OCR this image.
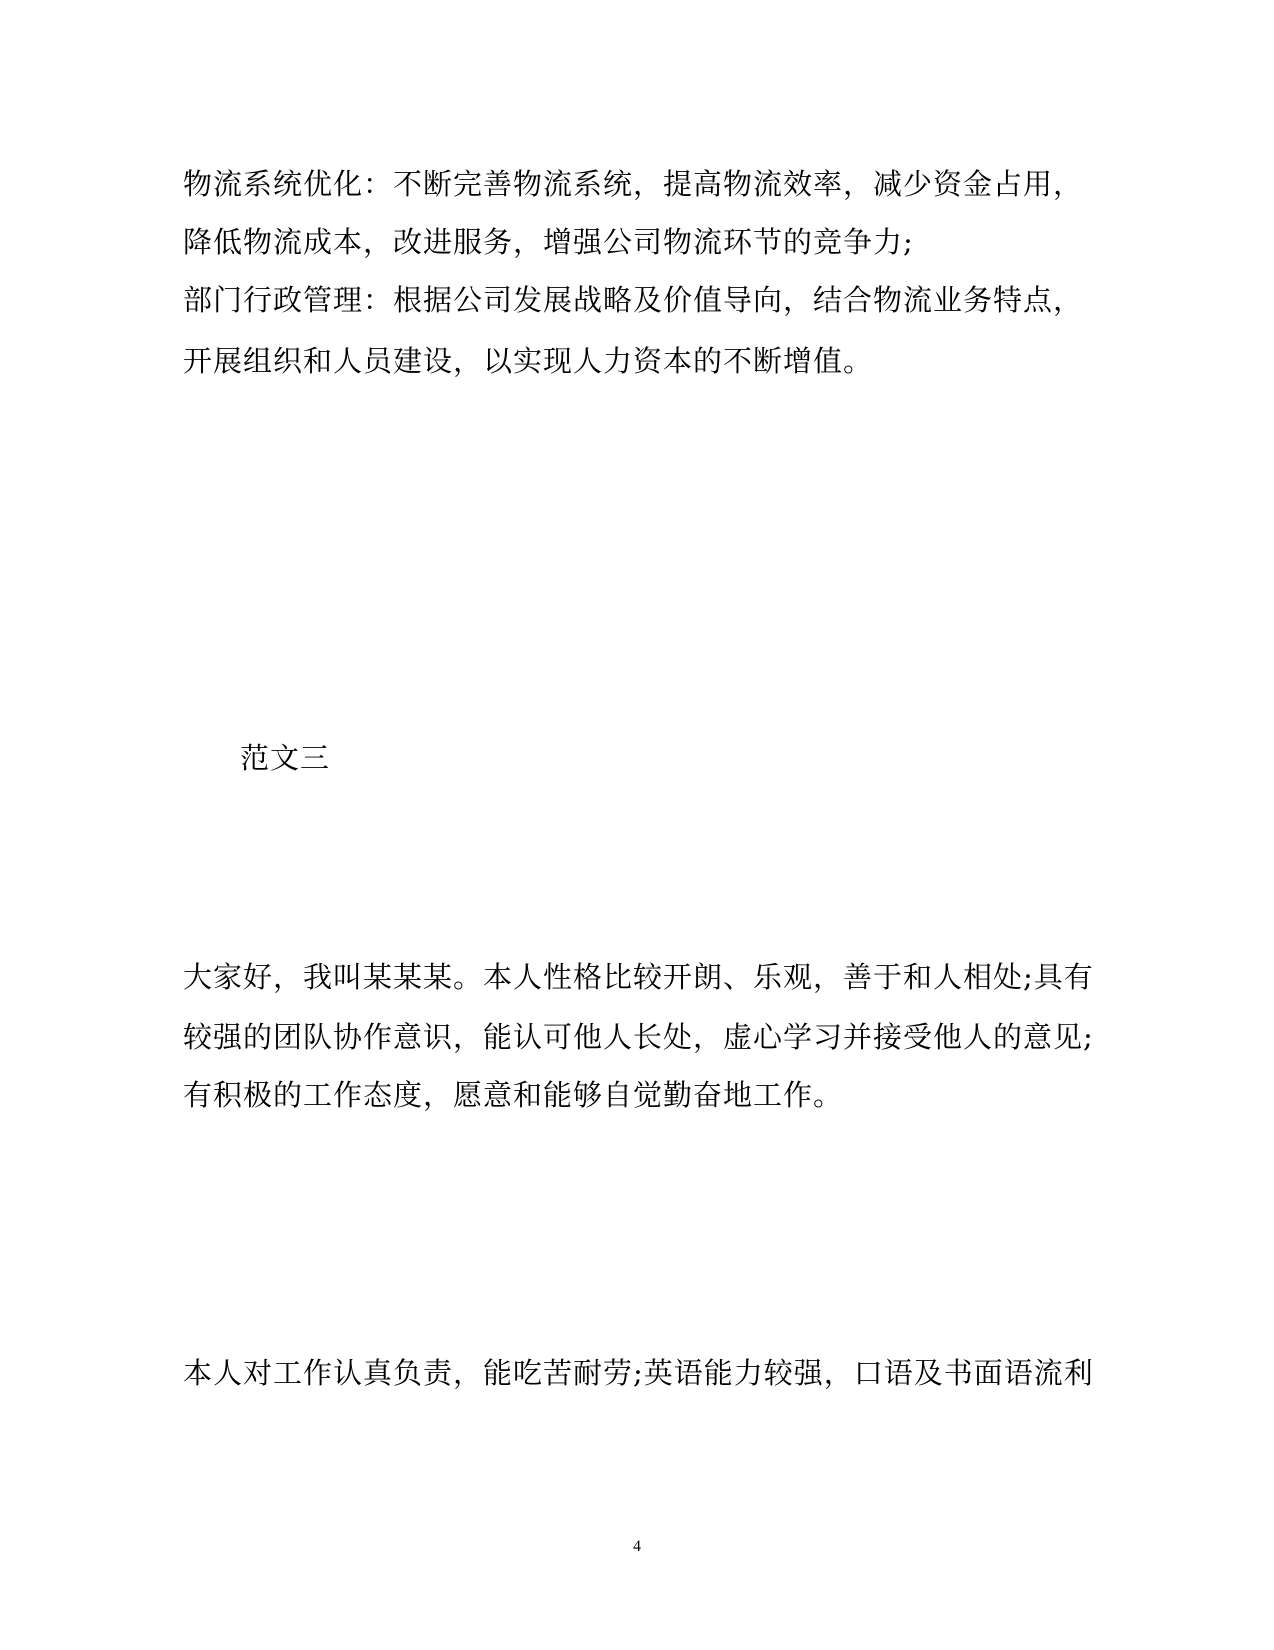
物流系统优化：不断完善物流系统，提高物流效率，减少资金占用，
降低物流成本，改进服务，增强公司物流环节的竞争力;
部门行政管理：根据公司发展战略及价值导向，结合物流业务特点，
开展组织和人员建设，以实现人力资本的不断增值。
范文三
大家好，我叫某某某。本人性格比较开朗、乐观，善于和人相处;具有
较强的团队协作意识，能认可他人长处，虚心学习并接受他人的意见;
有积极的工作态度，愿意和能够自觉勤奋地工作。
本人对工作认真负责，能吃苦耐劳;英语能力较强，口语及书面语流利
4
